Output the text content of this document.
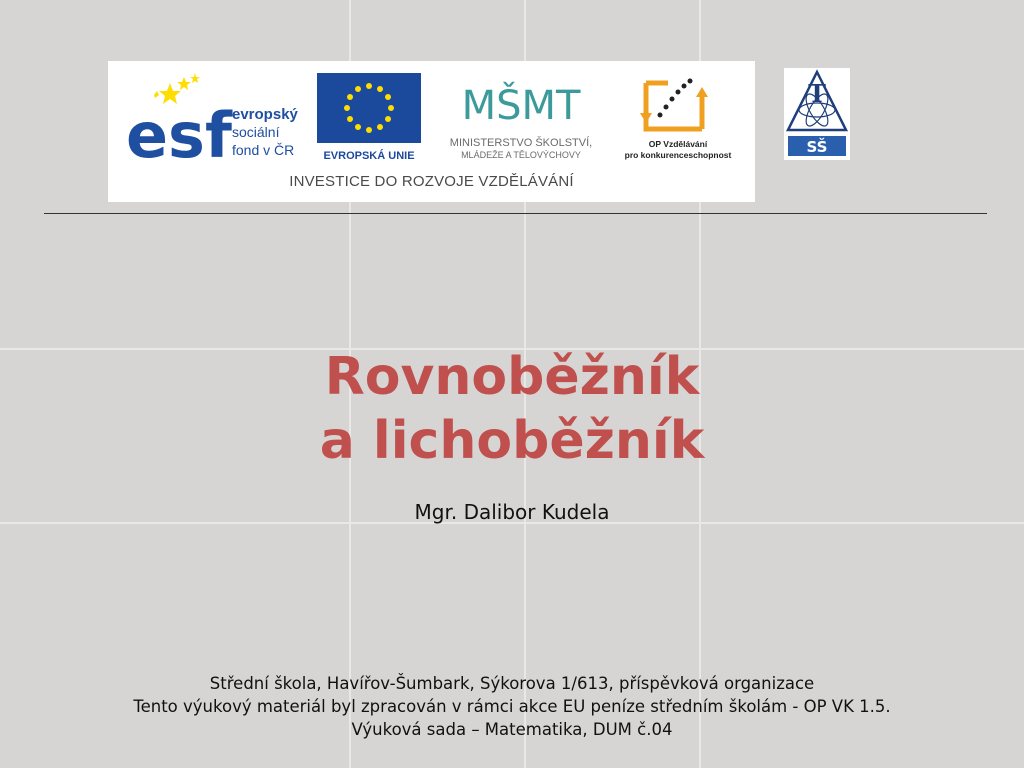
esf evropský
sociální
fond v ČR	EVROPSKÁ UNIE
MŠMT
MINISTERSTVO ŠKOLSTVÍ,
MLÁDEŽE A TĚLOVÝCHOVY
OP Vzdělávání
pro konkurenceschopnost
INVESTICE DO ROZVOJE VZDĚLÁVÁNÍ
T
SŠ
Rovnoběžník
a lichoběžník
Mgr. Dalibor Kudela
Střední škola, Havířov-Šumbark, Sýkorova 1/613, příspěvková organizace
Tento výukový materiál byl zpracován v rámci akce EU peníze středním školám - OP VK 1.5.
Výuková sada – Matematika, DUM č.04
